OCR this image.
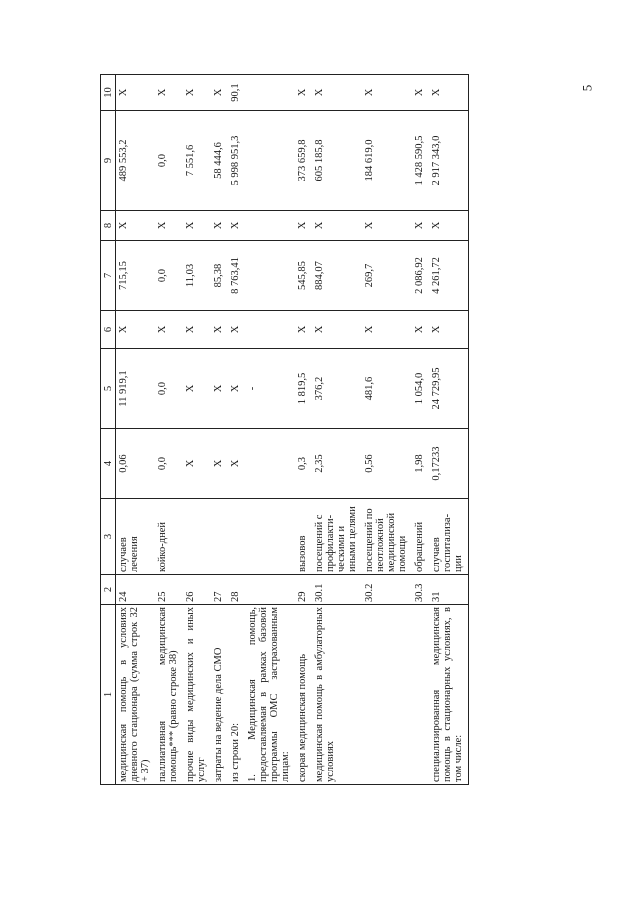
5
1	2	3	4	5	6	7	8	9	10
медицинская помощь в условиях дневного стационара (сумма строк 32 + 37)	24	случаев лечения	0,06	11 919,1	X	715,15	X	489 553,2	X
паллиативная медицинская помощь*** (равно строке 38)	25	койко-дней	0,0	0,0	X	0,0	X	0,0	X
прочие виды медицинских и иных услуг	26		X	X	X	11,03	X	7 551,6	X
затраты на ведение дела СМО	27		X	X	X	85,38	X	58 444,6	X
из строки 20:	28		X	X	X	8 763,41	X	5 998 951,3	90,1
1. Медицинская помощь, предоставляемая в рамках базовой программы ОМС застрахованным лицам:				-					
скорая медицинская помощь	29	вызовов	0,3	1 819,5	X	545,85	X	373 659,8	X
медицинская помощь в амбулаторных условиях	30.1	посещений с профилакти-ческими и иными целями	2,35	376,2	X	884,07	X	605 185,8	X
	30.2	посещений по неотложной медицинской помощи	0,56	481,6	X	269,7	X	184 619,0	X
	30.3	обращений	1,98	1 054,0	X	2 086,92	X	1 428 590,5	X
специализированная медицинская помощь в стационарных условиях, в том числе:	31	случаев госпитализа-ции	0,17233	24 729,95	X	4 261,72	X	2 917 343,0	X
